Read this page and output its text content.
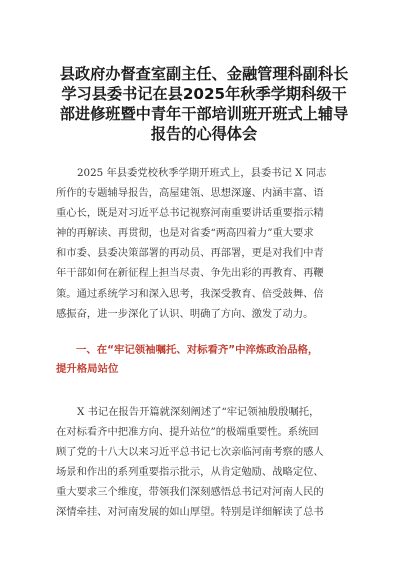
县政府办督查室副主任、金融管理科副科长
学习县委书记在县2025年秋季学期科级干
部进修班暨中青年干部培训班开班式上辅导
报告的心得体会

2025 年县委党校秋季学期开班式上，县委书记 X 同志
所作的专题辅导报告，高屋建瓴、思想深邃、内涵丰富、语
重心长，既是对习近平总书记视察河南重要讲话重要指示精
神的再解读、再贯彻，也是对省委“两高四着力”重大要求
和市委、县委决策部署的再动员、再部署，更是对我们中青
年干部如何在新征程上担当尽责、争先出彩的再教育、再鞭
策。通过系统学习和深入思考，我深受教育、倍受鼓舞、倍
感振奋，进一步深化了认识、明确了方向、激发了动力。

一、在“牢记领袖嘱托、对标看齐”中淬炼政治品格，
提升格局站位

X 书记在报告开篇就深刻阐述了“牢记领袖殷殷嘱托，
在对标看齐中把准方向、提升站位”的极端重要性。系统回
顾了党的十八大以来习近平总书记七次亲临河南考察的感人
场景和作出的系列重要指示批示，从肯定勉励、战略定位、
重大要求三个维度，带领我们深刻感悟总书记对河南人民的
深情牵挂、对河南发展的如山厚望。特别是详细解读了总书
